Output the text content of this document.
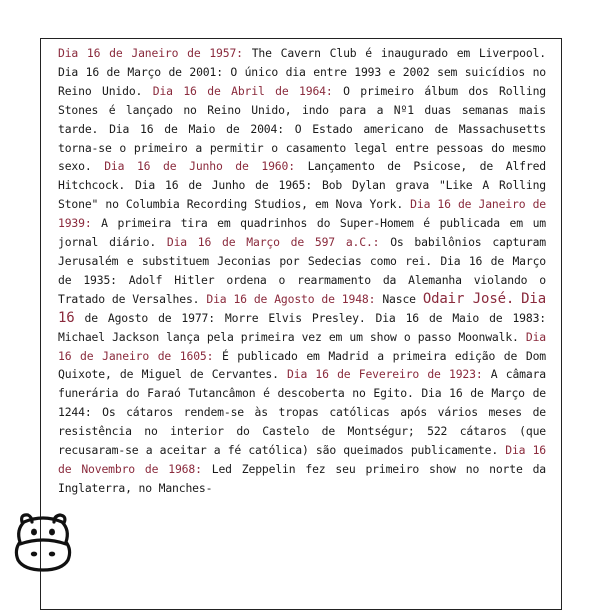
Dia 16 de Janeiro de 1957: The Cavern Club é inaugurado em Liverpool. Dia 16 de Março de 2001: O único dia entre 1993 e 2002 sem suicídios no Reino Unido. Dia 16 de Abril de 1964: O primeiro álbum dos Rolling Stones é lançado no Reino Unido, indo para a Nº1 duas semanas mais tarde. Dia 16 de Maio de 2004: O Estado americano de Massachusetts torna-se o primeiro a permitir o casamento legal entre pessoas do mesmo sexo. Dia 16 de Junho de 1960: Lançamento de Psicose, de Alfred Hitchcock. Dia 16 de Junho de 1965: Bob Dylan grava "Like A Rolling Stone" no Columbia Recording Studios, em Nova York. Dia 16 de Janeiro de 1939: A primeira tira em quadrinhos do Super-Homem é publicada em um jornal diário. Dia 16 de Março de 597 a.C.: Os babilônios capturam Jerusalém e substituem Jeconias por Sedecias como rei. Dia 16 de Março de 1935: Adolf Hitler ordena o rearmamento da Alemanha violando o Tratado de Versalhes. Dia 16 de Agosto de 1948: Nasce Odair José. Dia 16 de Agosto de 1977: Morre Elvis Presley. Dia 16 de Maio de 1983: Michael Jackson lança pela primeira vez em um show o passo Moonwalk. Dia 16 de Janeiro de 1605: É publicado em Madrid a primeira edição de Dom Quixote, de Miguel de Cervantes. Dia 16 de Fevereiro de 1923: A câmara funerária do Faraó Tutancâmon é descoberta no Egito. Dia 16 de Março de 1244: Os cátaros rendem-se às tropas católicas após vários meses de resistência no interior do Castelo de Montségur; 522 cátaros (que recusaram-se a aceitar a fé católica) são queimados publicamente. Dia 16 de Novembro de 1968: Led Zeppelin fez seu primeiro show no norte da Inglaterra, no Manches-
